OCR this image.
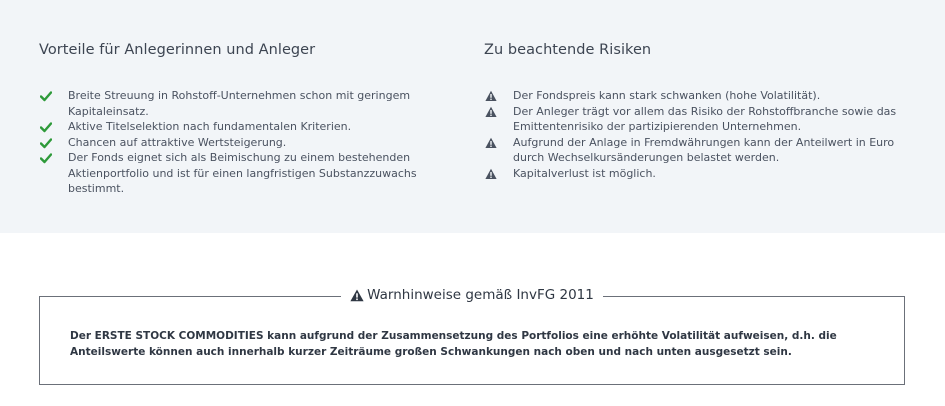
Vorteile für Anlegerinnen und Anleger
Breite Streuung in Rohstoff-Unternehmen schon mit geringem Kapitaleinsatz.
Aktive Titelselektion nach fundamentalen Kriterien.
Chancen auf attraktive Wertsteigerung.
Der Fonds eignet sich als Beimischung zu einem bestehenden Aktienportfolio und ist für einen langfristigen Substanzzuwachs bestimmt.
Zu beachtende Risiken
Der Fondspreis kann stark schwanken (hohe Volatilität).
Der Anleger trägt vor allem das Risiko der Rohstoffbranche sowie das Emittentenrisiko der partizipierenden Unternehmen.
Aufgrund der Anlage in Fremdwährungen kann der Anteilwert in Euro durch Wechselkursänderungen belastet werden.
Kapitalverlust ist möglich.
Warnhinweise gemäß InvFG 2011
Der ERSTE STOCK COMMODITIES kann aufgrund der Zusammensetzung des Portfolios eine erhöhte Volatilität aufweisen, d.h. die Anteilswerte können auch innerhalb kurzer Zeiträume großen Schwankungen nach oben und nach unten ausgesetzt sein.
